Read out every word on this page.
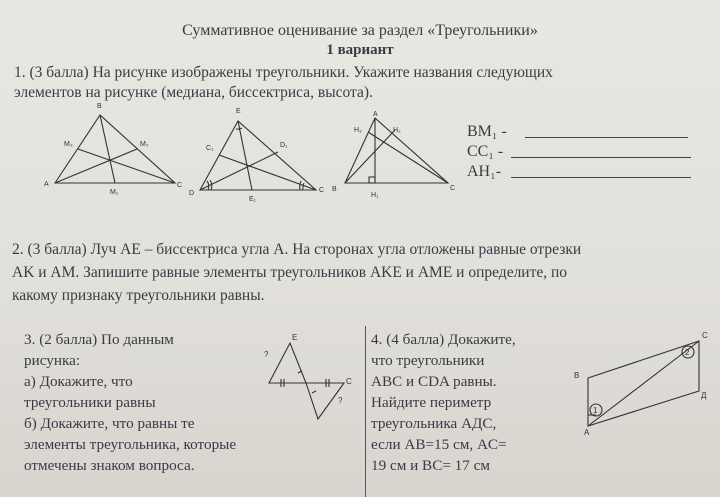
Суммативное оценивание за раздел «Треугольники»
1 вариант
1. (3 балла) На рисунке изображены треугольники. Укажите названия следующих
элементов на рисунке (медиана, биссектриса, высота).
BM₁ -
CC₁ -
AH₁-
B
M₃	M₂
A
M₁
C
E
C₁	D₁
D
E₁
C
A
H₃	H₂
B
H₁
C
2. (3 балла) Луч AE – биссектриса угла A. На сторонах угла отложены равные отрезки
AK и AM. Запишите равные элементы треугольников AKE и AME и определите, по
какому признаку треугольники равны.
3. (2 балла) По данным
рисунка:
а) Докажите, что
треугольники равны
б) Докажите, что равны те
элементы треугольника, которые
отмечены знаком вопроса.
4. (4 балла) Докажите,
что треугольники
ABC и CDA равны.
Найдите периметр
треугольника AДC,
если AB=15 см, AC=
19 см и BC= 17 см
E
C
?
?
C
B
Д
A
2
1
